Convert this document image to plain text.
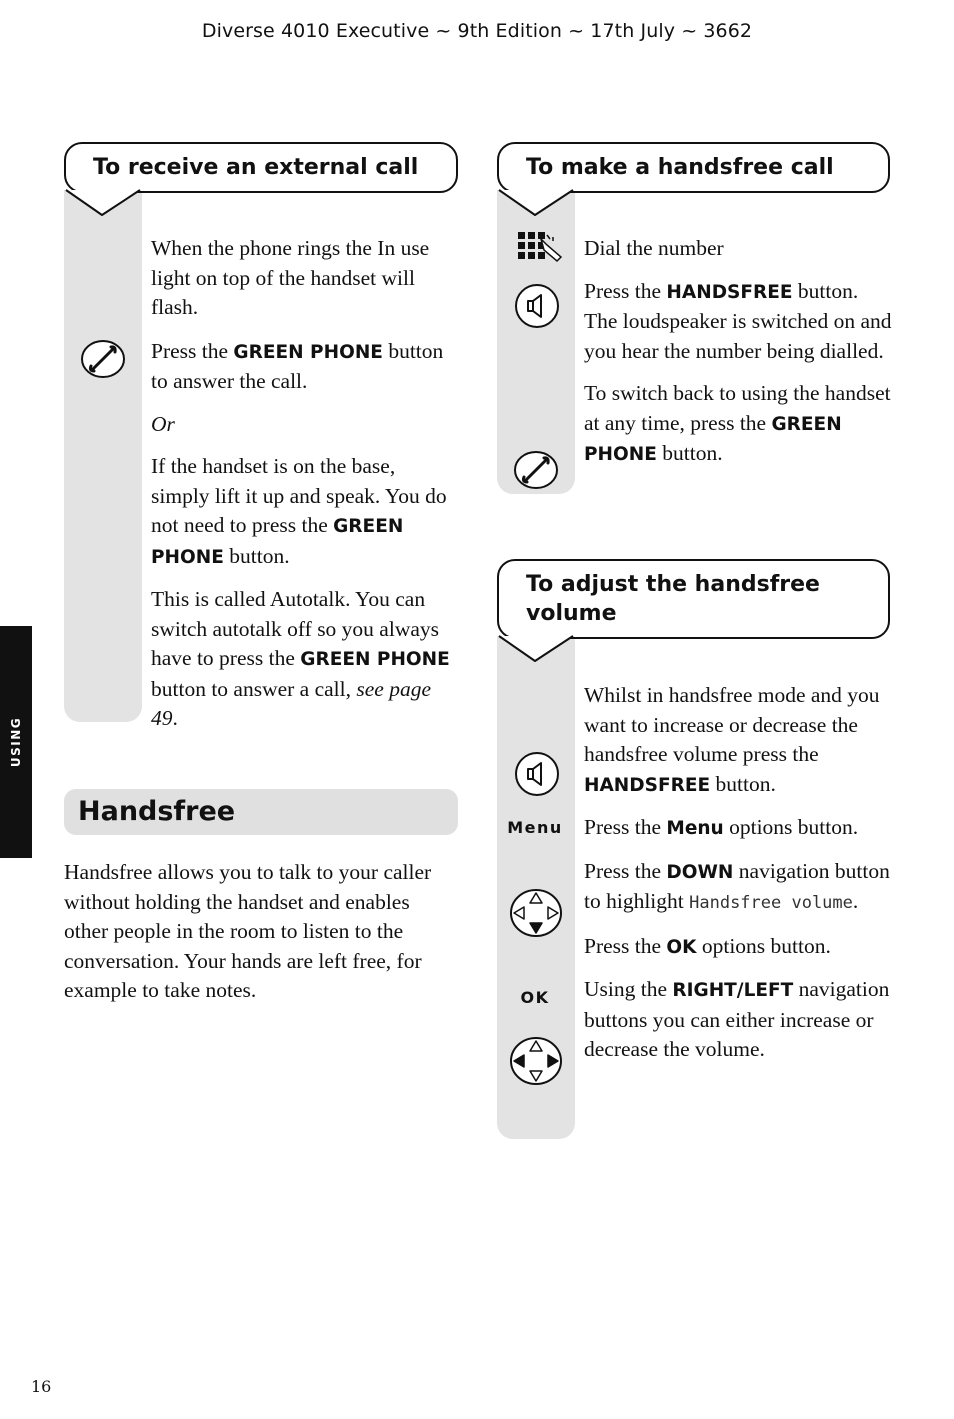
Diverse 4010 Executive ~ 9th Edition ~ 17th July ~ 3662
USING
16
To receive an external call

When the phone rings the In use light on top of the handset will flash.

Press the GREEN PHONE button to answer the call.

Or

If the handset is on the base, simply lift it up and speak. You do not need to press the GREEN PHONE button.

This is called Autotalk. You can switch autotalk off so you always have to press the GREEN PHONE button to answer a call, see page 49.

Handsfree
Handsfree allows you to talk to your caller without holding the handset and enables other people in the room to listen to the conversation. Your hands are left free, for example to take notes.
To make a handsfree call

Dial the number

Press the HANDSFREE button. The loudspeaker is switched on and you hear the number being dialled.

To switch back to using the handset at any time, press the GREEN PHONE button.

To adjust the handsfree volume
Menu
OK

Whilst in handsfree mode and you want to increase or decrease the handsfree volume press the HANDSFREE button.

Press the Menu options button.

Press the DOWN navigation button to highlight Handsfree volume.

Press the OK options button.

Using the RIGHT/LEFT navigation buttons you can either increase or decrease the volume.
